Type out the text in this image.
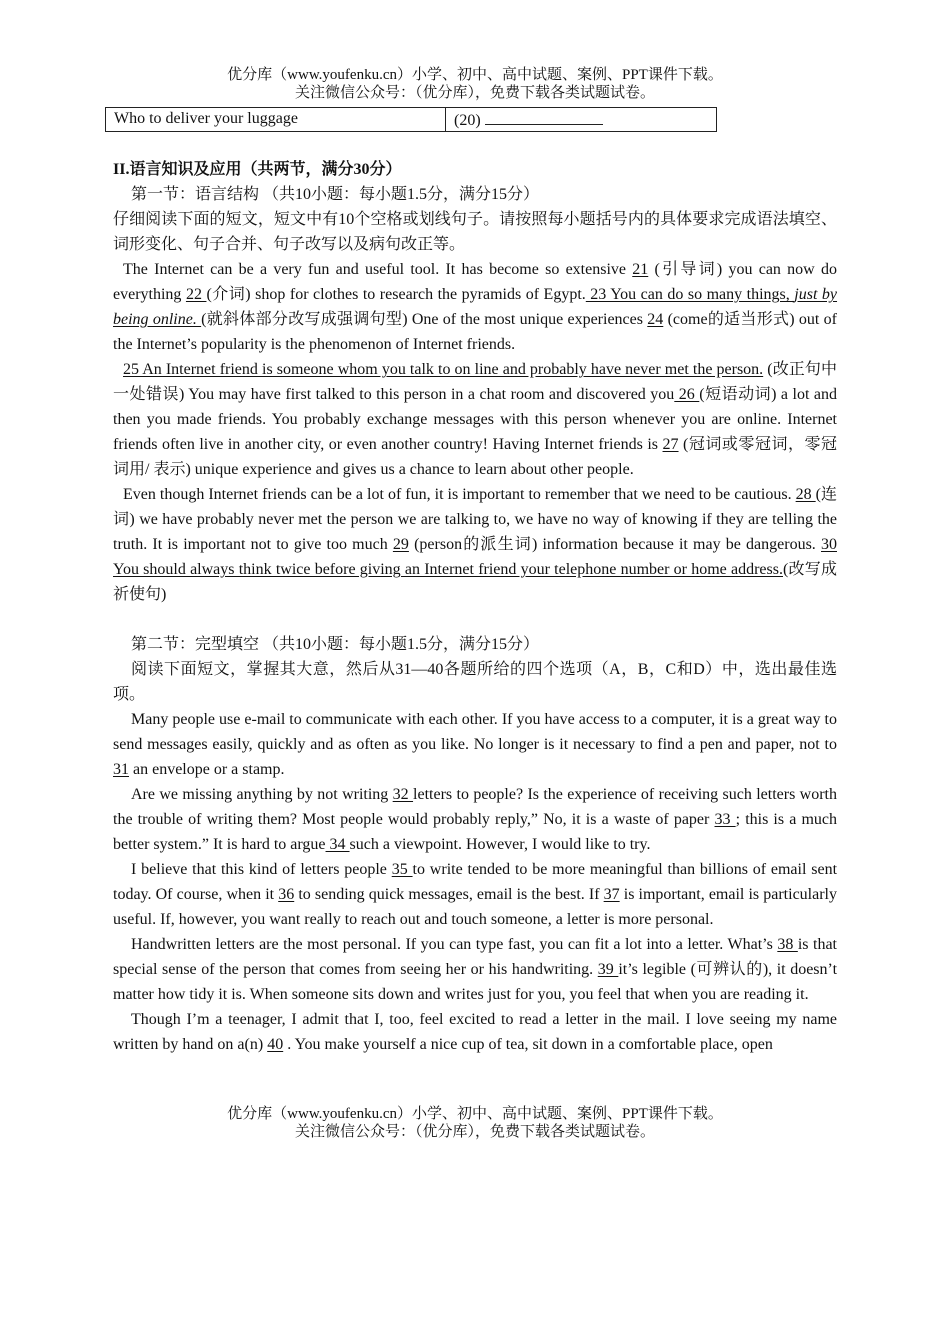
优分库（www.youfenku.cn）小学、初中、高中试题、案例、PPT课件下载。
关注微信公众号：（优分库），免费下载各类试题试卷。
Who to deliver your luggage	(20)

II.语言知识及应用（共两节，满分30分）

第一节：语言结构 （共10小题：每小题1.5分，满分15分）

仔细阅读下面的短文，短文中有10个空格或划线句子。请按照每小题括号内的具体要求完成语法填空、词形变化、句子合并、句子改写以及病句改正等。

The Internet can be a very fun and useful tool. It has become so extensive 21 (引导词) you can now do everything 22 (介词) shop for clothes to research the pyramids of Egypt. 23 You can do so many things, just by being online. (就斜体部分改写成强调句型) One of the most unique experiences 24 (come的适当形式) out of the Internet’s popularity is the phenomenon of Internet friends.

25 An Internet friend is someone whom you talk to on line and probably have never met the person. (改正句中一处错误) You may have first talked to this person in a chat room and discovered you 26 (短语动词) a lot and then you made friends. You probably exchange messages with this person whenever you are online. Internet friends often live in another city, or even another country! Having Internet friends is 27 (冠词或零冠词，零冠词用/ 表示) unique experience and gives us a chance to learn about other people.

Even though Internet friends can be a lot of fun, it is important to remember that we need to be cautious. 28 (连词) we have probably never met the person we are talking to, we have no way of knowing if they are telling the truth. It is important not to give too much 29 (person的派生词) information because it may be dangerous. 30 You should always think twice before giving an Internet friend your telephone number or home address.(改写成祈使句)

第二节：完型填空 （共10小题：每小题1.5分，满分15分）

阅读下面短文，掌握其大意，然后从31—40各题所给的四个选项（A，B，C和D）中，选出最佳选项。

Many people use e-mail to communicate with each other. If you have access to a computer, it is a great way to send messages easily, quickly and as often as you like. No longer is it necessary to find a pen and paper, not to 31 an envelope or a stamp.

Are we missing anything by not writing 32 letters to people? Is the experience of receiving such letters worth the trouble of writing them? Most people would probably reply,” No, it is a waste of paper 33 ; this is a much better system.” It is hard to argue 34 such a viewpoint. However, I would like to try.

I believe that this kind of letters people 35 to write tended to be more meaningful than billions of email sent today. Of course, when it 36 to sending quick messages, email is the best. If 37 is important, email is particularly useful. If, however, you want really to reach out and touch someone, a letter is more personal.

Handwritten letters are the most personal. If you can type fast, you can fit a lot into a letter. What’s 38 is that special sense of the person that comes from seeing her or his handwriting. 39 it’s legible (可辨认的), it doesn’t matter how tidy it is. When someone sits down and writes just for you, you feel that when you are reading it.

Though I’m a teenager, I admit that I, too, feel excited to read a letter in the mail. I love seeing my name written by hand on a(n) 40 . You make yourself a nice cup of tea, sit down in a comfortable place, open

优分库（www.youfenku.cn）小学、初中、高中试题、案例、PPT课件下载。
关注微信公众号：（优分库），免费下载各类试题试卷。
